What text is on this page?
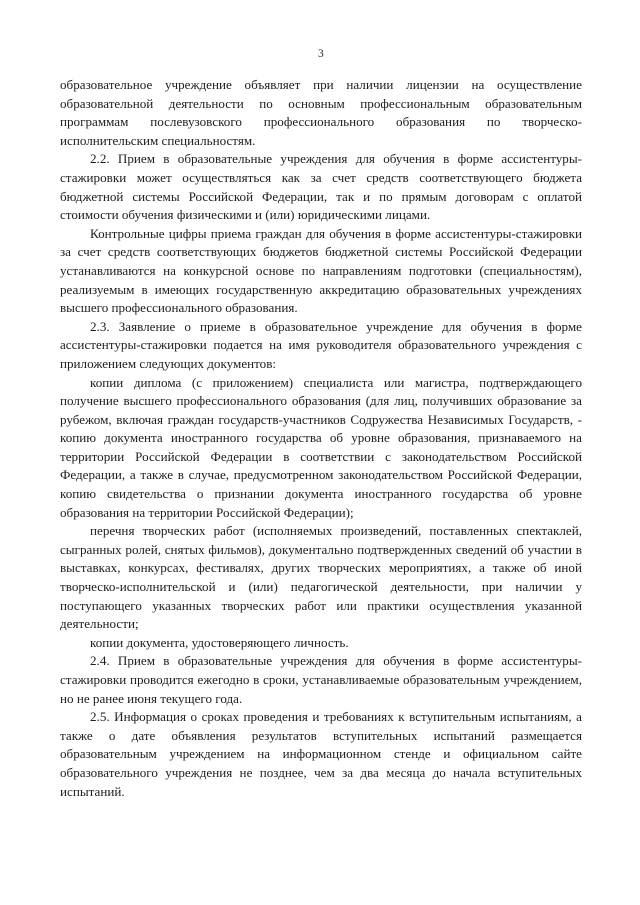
3

образовательное учреждение объявляет при наличии лицензии на осуществление образовательной деятельности по основным профессиональным образовательным программам послевузовского профессионального образования по творческо-исполнительским специальностям.

2.2. Прием в образовательные учреждения для обучения в форме ассистентуры-стажировки может осуществляться как за счет средств соответствующего бюджета бюджетной системы Российской Федерации, так и по прямым договорам с оплатой стоимости обучения физическими и (или) юридическими лицами.

Контрольные цифры приема граждан для обучения в форме ассистентуры-стажировки за счет средств соответствующих бюджетов бюджетной системы Российской Федерации устанавливаются на конкурсной основе по направлениям подготовки (специальностям), реализуемым в имеющих государственную аккредитацию образовательных учреждениях высшего профессионального образования.

2.3. Заявление о приеме в образовательное учреждение для обучения в форме ассистентуры-стажировки подается на имя руководителя образовательного учреждения с приложением следующих документов:

копии диплома (с приложением) специалиста или магистра, подтверждающего получение высшего профессионального образования (для лиц, получивших образование за рубежом, включая граждан государств-участников Содружества Независимых Государств, - копию документа иностранного государства об уровне образования, признаваемого на территории Российской Федерации в соответствии с законодательством Российской Федерации, а также в случае, предусмотренном законодательством Российской Федерации, копию свидетельства о признании документа иностранного государства об уровне образования на территории Российской Федерации);

перечня творческих работ (исполняемых произведений, поставленных спектаклей, сыгранных ролей, снятых фильмов), документально подтвержденных сведений об участии в выставках, конкурсах, фестивалях, других творческих мероприятиях, а также об иной творческо-исполнительской и (или) педагогической деятельности, при наличии у поступающего указанных творческих работ или практики осуществления указанной деятельности;

копии документа, удостоверяющего личность.

2.4. Прием в образовательные учреждения для обучения в форме ассистентуры-стажировки проводится ежегодно в сроки, устанавливаемые образовательным учреждением, но не ранее июня текущего года.

2.5. Информация о сроках проведения и требованиях к вступительным испытаниям, а также о дате объявления результатов вступительных испытаний размещается образовательным учреждением на информационном стенде и официальном сайте образовательного учреждения не позднее, чем за два месяца до начала вступительных испытаний.
